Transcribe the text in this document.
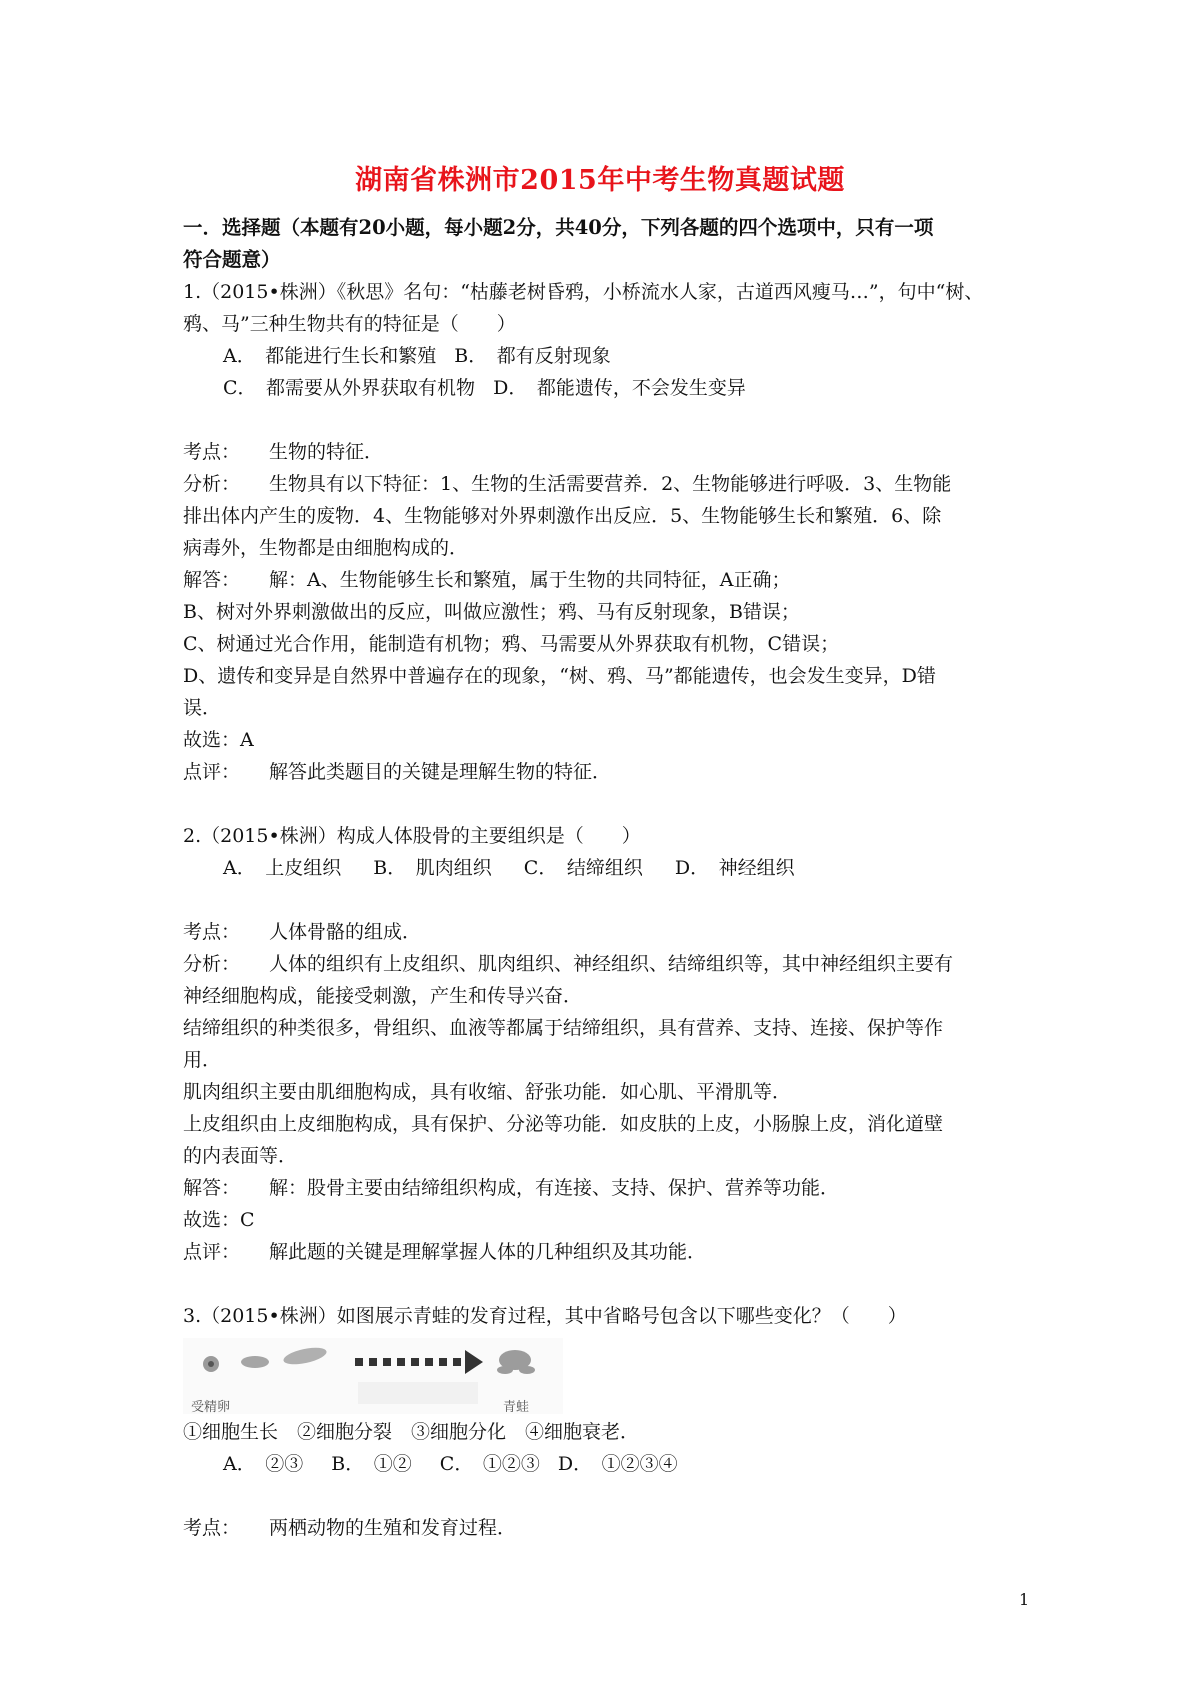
湖南省株洲市2015年中考生物真题试题
一．选择题（本题有20小题，每小题2分，共40分，下列各题的四个选项中，只有一项
符合题意）
1.（2015•株洲）《秋思》名句：“枯藤老树昏鸦，小桥流水人家，古道西风瘦马…”，句中“树、
鸦、马”三种生物共有的特征是（　　）
A．　都能进行生长和繁殖 B．　都有反射现象
C．　都需要从外界获取有机物 D．　都能遗传，不会发生变异
考点： 生物的特征．
分析： 生物具有以下特征：1、生物的生活需要营养．2、生物能够进行呼吸．3、生物能
排出体内产生的废物．4、生物能够对外界刺激作出反应．5、生物能够生长和繁殖．6、除
病毒外，生物都是由细胞构成的．
解答： 解：A、生物能够生长和繁殖，属于生物的共同特征，A正确；
B、树对外界刺激做出的反应，叫做应激性；鸦、马有反射现象，B错误；
C、树通过光合作用，能制造有机物；鸦、马需要从外界获取有机物，C错误；
D、遗传和变异是自然界中普遍存在的现象，“树、鸦、马”都能遗传，也会发生变异，D错
误．
故选：A
点评： 解答此类题目的关键是理解生物的特征．
2.（2015•株洲）构成人体股骨的主要组织是（　　）
A．　上皮组织 B．　肌肉组织 C．　结缔组织 D．　神经组织
考点： 人体骨骼的组成．
分析： 人体的组织有上皮组织、肌肉组织、神经组织、结缔组织等，其中神经组织主要有
神经细胞构成，能接受刺激，产生和传导兴奋．
结缔组织的种类很多，骨组织、血液等都属于结缔组织，具有营养、支持、连接、保护等作
用．
肌肉组织主要由肌细胞构成，具有收缩、舒张功能．如心肌、平滑肌等．
上皮组织由上皮细胞构成，具有保护、分泌等功能．如皮肤的上皮，小肠腺上皮，消化道壁
的内表面等．
解答： 解：股骨主要由结缔组织构成，有连接、支持、保护、营养等功能．
故选：C
点评： 解此题的关键是理解掌握人体的几种组织及其功能．
3.（2015•株洲）如图展示青蛙的发育过程，其中省略号包含以下哪些变化？（　　）
受精卵	青蛙
①细胞生长　②细胞分裂　③细胞分化　④细胞衰老．
A．　②③ B．　①② C．　①②③ D．　①②③④
考点： 两栖动物的生殖和发育过程．
1
